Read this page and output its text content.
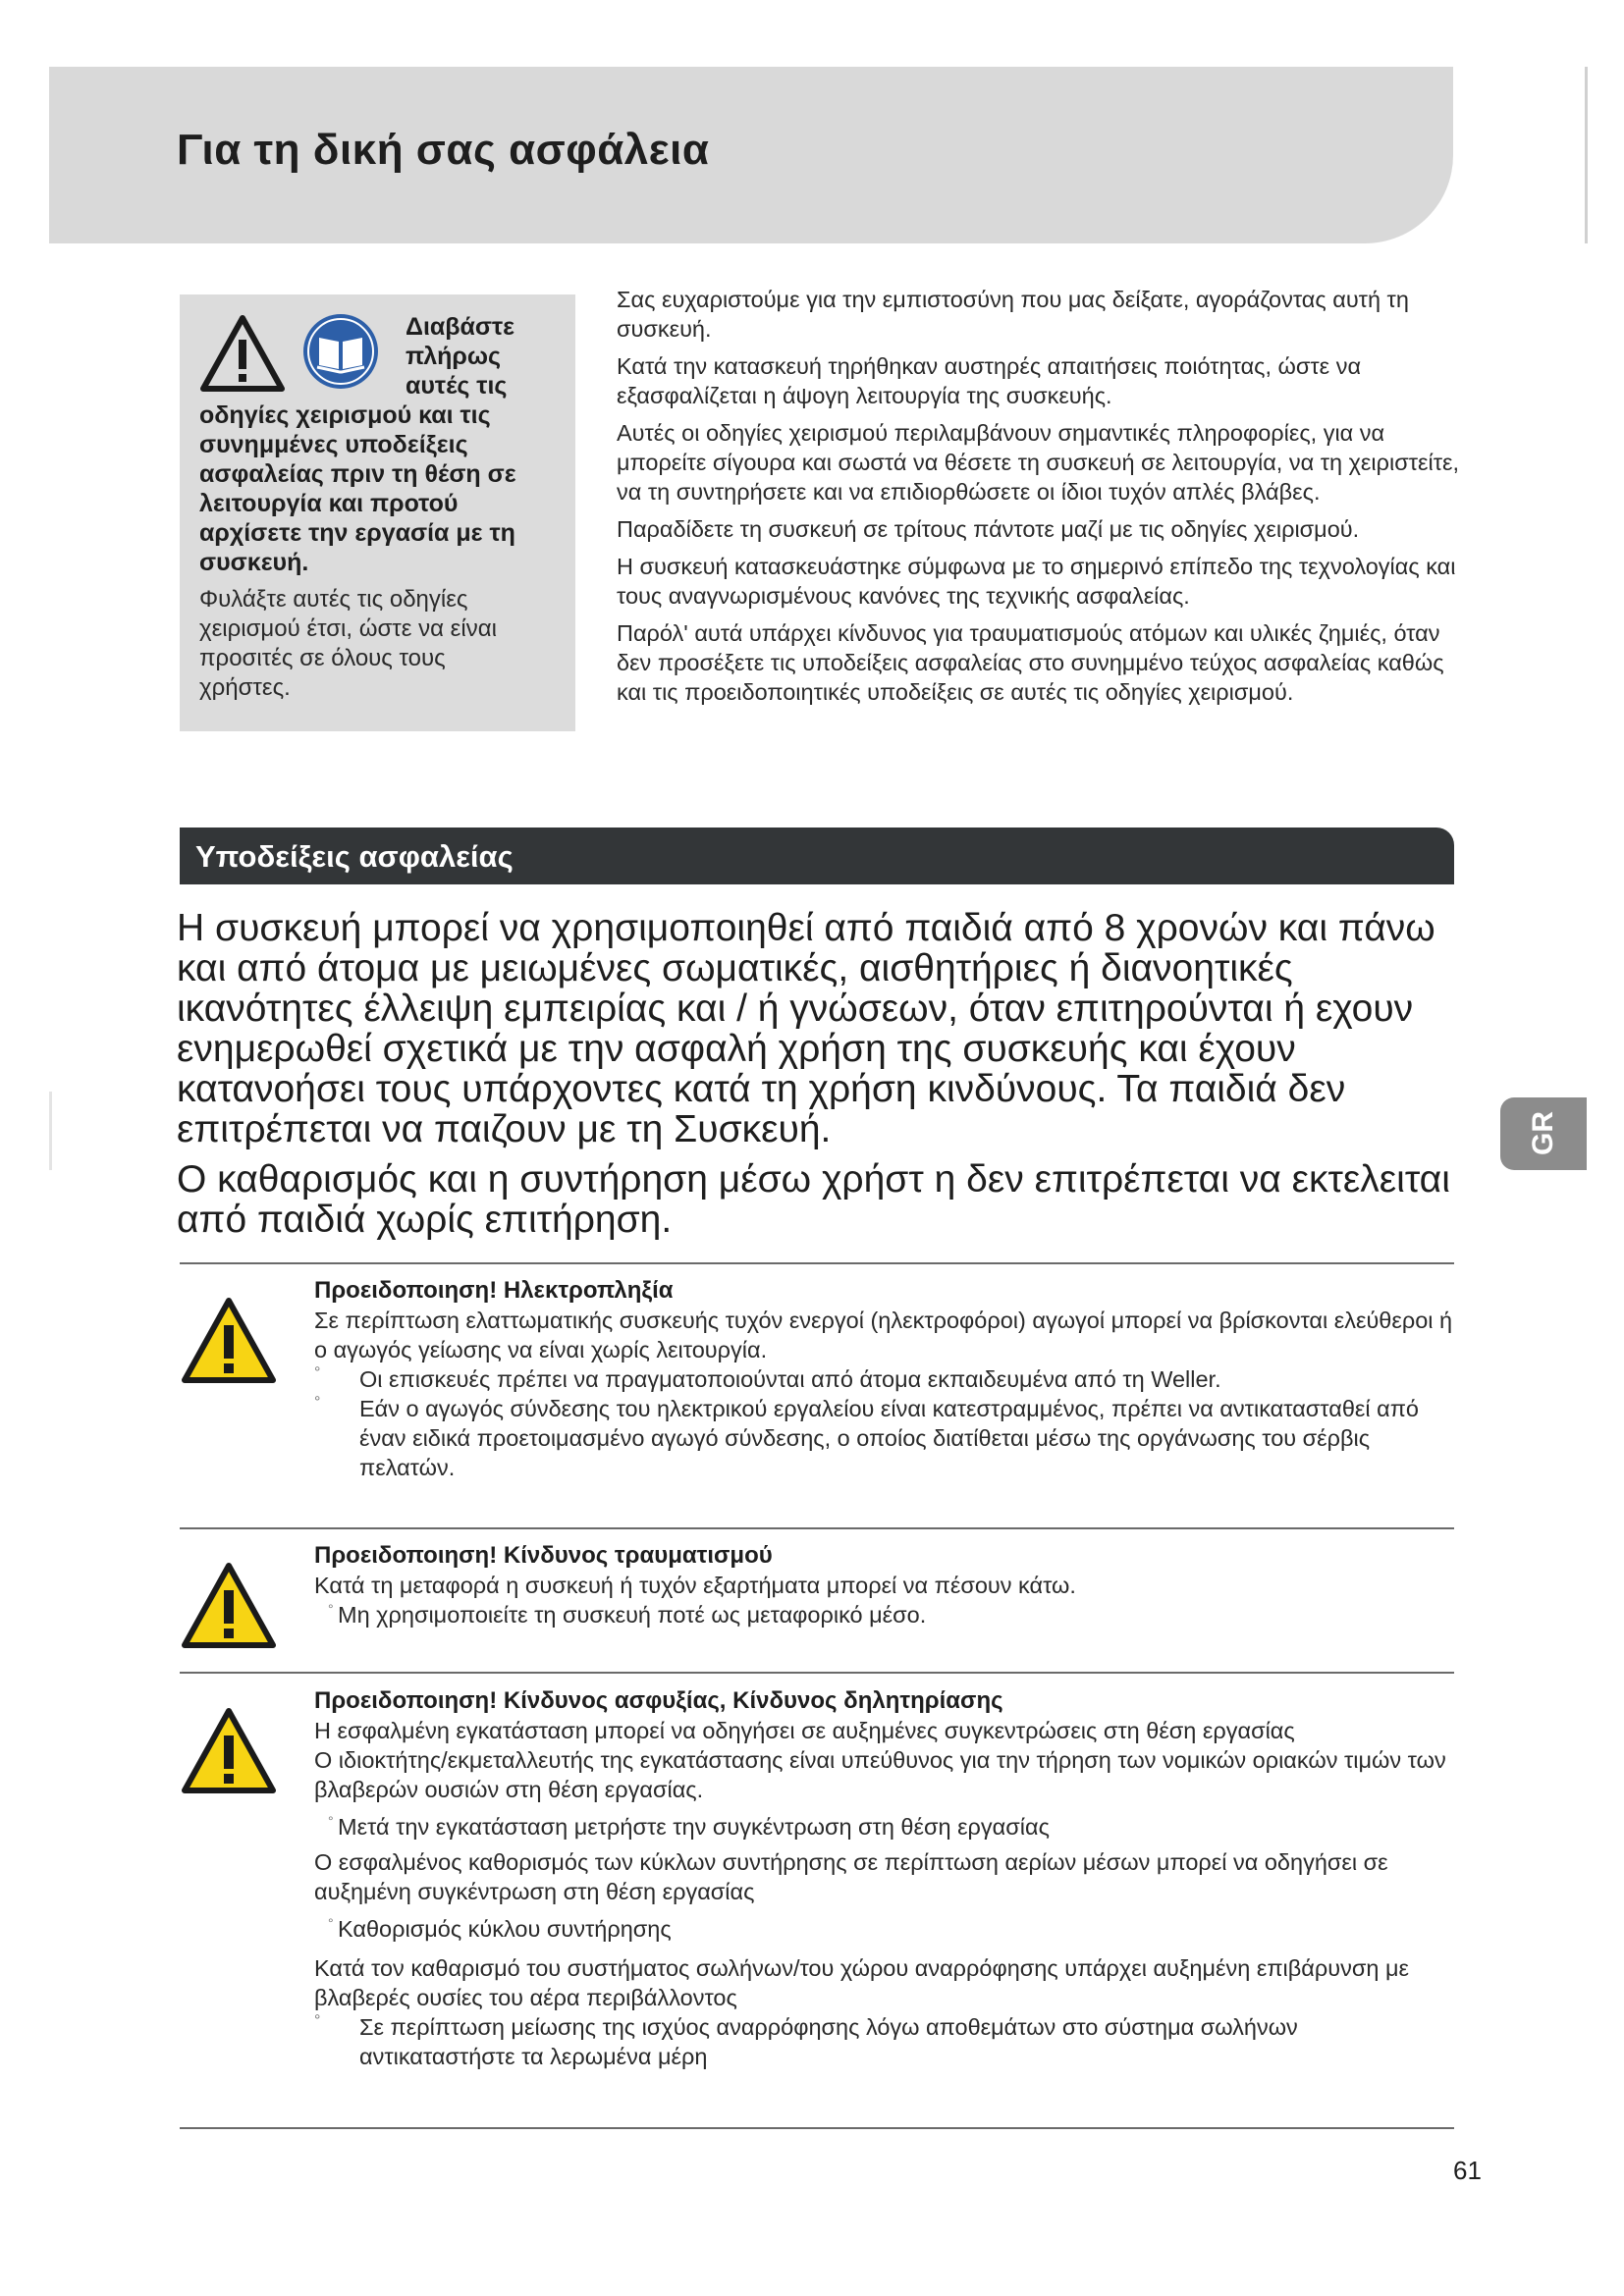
Για τη δική σας ασφάλεια
Διαβάστε
πλήρως
αυτές τις
οδηγίες χειρισμού και τις
συνημμένες υποδείξεις
ασφαλείας πριν τη θέση σε
λειτουργία και προτού
αρχίσετε την εργασία με τη
συσκευή.
Φυλάξτε αυτές τις οδηγίες
χειρισμού έτσι, ώστε να είναι
προσιτές σε όλους τους
χρήστες.

Σας ευχαριστούμε για την εμπιστοσύνη που μας δείξατε, αγοράζοντας αυτή τη συσκευή.

Κατά την κατασκευή τηρήθηκαν αυστηρές απαιτήσεις ποιότητας, ώστε να εξασφαλίζεται η άψογη λειτουργία της συσκευής.

Αυτές οι οδηγίες χειρισμού περιλαμβάνουν σημαντικές πληροφορίες, για να μπορείτε σίγουρα και σωστά να θέσετε τη συσκευή σε λειτουργία, να τη χειριστείτε, να τη συντηρήσετε και να επιδιορθώσετε οι ίδιοι τυχόν απλές βλάβες.

Παραδίδετε τη συσκευή σε τρίτους πάντοτε μαζί με τις οδηγίες χειρισμού.

Η συσκευή κατασκευάστηκε σύμφωνα με το σημερινό επίπεδο της τεχνολογίας και τους αναγνωρισμένους κανόνες της τεχνικής ασφαλείας.

Παρόλ' αυτά υπάρχει κίνδυνος για τραυματισμούς ατόμων και υλικές ζημιές, όταν δεν προσέξετε τις υποδείξεις ασφαλείας στο συνημμένο τεύχος ασφαλείας καθώς και τις προειδοποιητικές υποδείξεις σε αυτές τις οδηγίες χειρισμού.

Υποδείξεις ασφαλείας

Η συσκευή μπορεί να χρησιμοποιηθεί από παιδιά από 8 χρονών και πάνω και από άτομα με μειωμένες σωματικές, αισθητήριες ή διανοητικές ικανότητες έλλειψη εμπειρίας και / ή γνώσεων, όταν επιτηρούνται ή εχουν ενημερωθεί σχετικά με την ασφαλή χρήση της συσκευής και έχουν κατανοήσει τους υπάρχοντες κατά τη χρήση κινδύνους. Τα παιδιά δεν επιτρέπεται να παιζουν με τη Συσκευή.

Ο καθαρισμός και η συντήρηση μέσω χρήστ η δεν επιτρέπεται να εκτελειται από παιδιά χωρίς επιτήρηση.

Προειδοποιηση! Ηλεκτροπληξία

Σε περίπτωση ελαττωματικής συσκευής τυχόν ενεργοί (ηλεκτροφόροι) αγωγοί μπορεί να βρίσκονται ελεύθεροι ή ο αγωγός γείωσης να είναι χωρίς λειτουργία.

° Οι επισκευές πρέπει να πραγματοποιούνται από άτομα εκπαιδευμένα από τη Weller.

° Εάν ο αγωγός σύνδεσης του ηλεκτρικού εργαλείου είναι κατεστραμμένος, πρέπει να αντικατασταθεί από έναν ειδικά προετοιμασμένο αγωγό σύνδεσης, ο οποίος διατίθεται μέσω της οργάνωσης του σέρβις πελατών.

Προειδοποιηση! Κίνδυνος τραυματισμού

Κατά τη μεταφορά η συσκευή ή τυχόν εξαρτήματα μπορεί να πέσουν κάτω.

° Μη χρησιμοποιείτε τη συσκευή ποτέ ως μεταφορικό μέσο.

Προειδοποιηση! Κίνδυνος ασφυξίας, Κίνδυνος δηλητηρίασης

Η εσφαλμένη εγκατάσταση μπορεί να οδηγήσει σε αυξημένες συγκεντρώσεις στη θέση εργασίας

Ο ιδιοκτήτης/εκμεταλλευτής της εγκατάστασης είναι υπεύθυνος για την τήρηση των νομικών οριακών τιμών των βλαβερών ουσιών στη θέση εργασίας.

° Μετά την εγκατάσταση μετρήστε την συγκέντρωση στη θέση εργασίας

Ο εσφαλμένος καθορισμός των κύκλων συντήρησης σε περίπτωση αερίων μέσων μπορεί να οδηγήσει σε αυξημένη συγκέντρωση στη θέση εργασίας

° Καθορισμός κύκλου συντήρησης

Κατά τον καθαρισμό του συστήματος σωλήνων/του χώρου αναρρόφησης υπάρχει αυξημένη επιβάρυνση με βλαβερές ουσίες του αέρα περιβάλλοντος

° Σε περίπτωση μείωσης της ισχύος αναρρόφησης λόγω αποθεμάτων στο σύστημα σωλήνων αντικαταστήστε τα λερωμένα μέρη

GR
61
